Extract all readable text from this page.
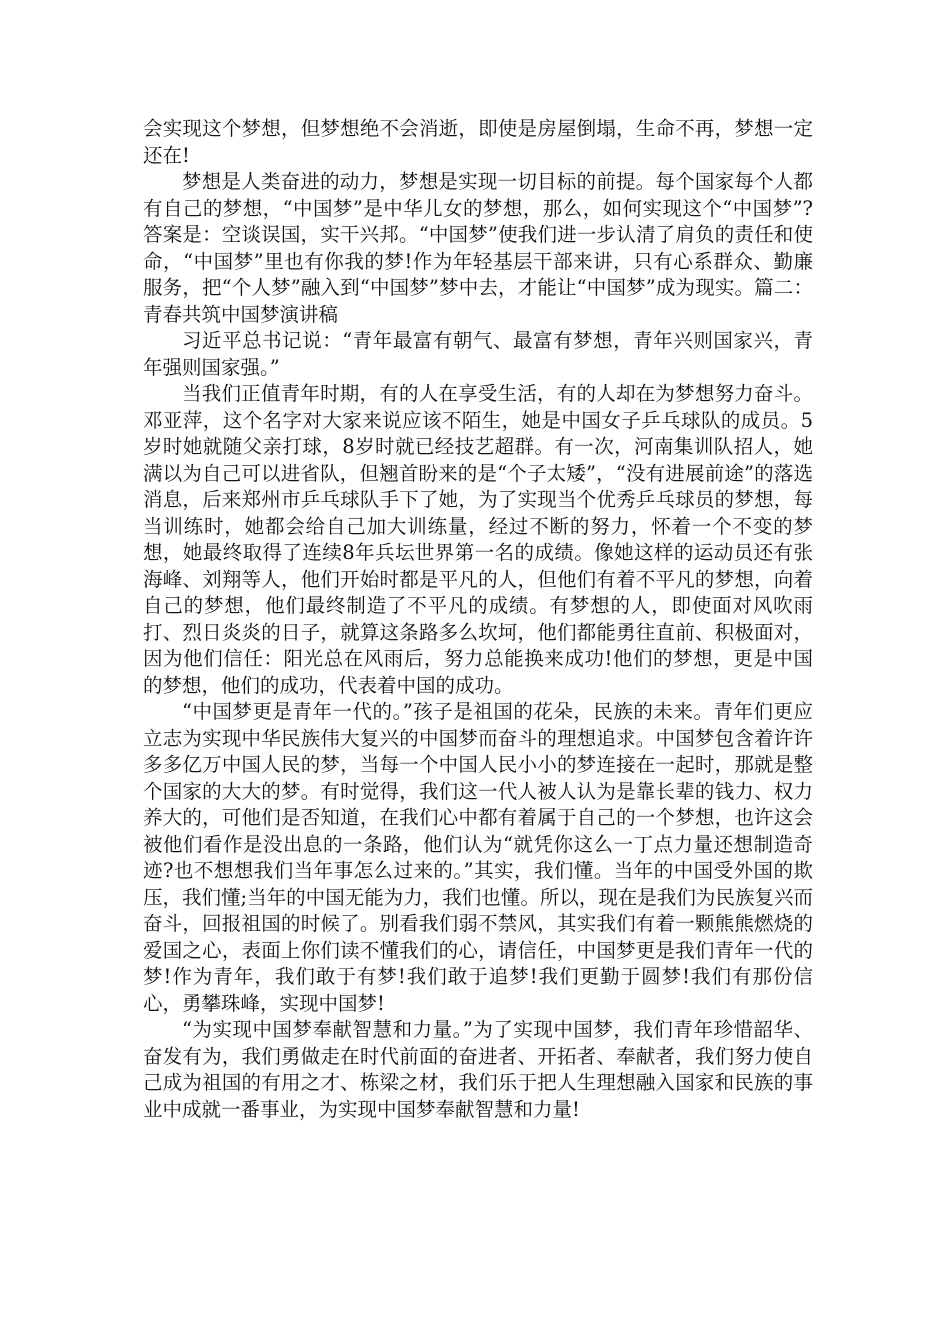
会实现这个梦想，但梦想绝不会消逝，即使是房屋倒塌，生命不再，梦想一定还在!

梦想是人类奋进的动力，梦想是实现一切目标的前提。每个国家每个人都有自己的梦想，“中国梦”是中华儿女的梦想，那么，如何实现这个“中国梦”?答案是：空谈误国，实干兴邦。“中国梦”使我们进一步认清了肩负的责任和使命，“中国梦”里也有你我的梦!作为年轻基层干部来讲，只有心系群众、勤廉服务，把“个人梦”融入到“中国梦”梦中去，才能让“中国梦”成为现实。篇二：青春共筑中国梦演讲稿

习近平总书记说：“青年最富有朝气、最富有梦想，青年兴则国家兴，青年强则国家强。”

当我们正值青年时期，有的人在享受生活，有的人却在为梦想努力奋斗。邓亚萍，这个名字对大家来说应该不陌生，她是中国女子乒乓球队的成员。5岁时她就随父亲打球，8岁时就已经技艺超群。有一次，河南集训队招人，她满以为自己可以进省队，但翘首盼来的是“个子太矮”，“没有进展前途”的落选消息，后来郑州市乒乓球队手下了她，为了实现当个优秀乒乓球员的梦想，每当训练时，她都会给自己加大训练量，经过不断的努力，怀着一个不变的梦想，她最终取得了连续8年兵坛世界第一名的成绩。像她这样的运动员还有张海峰、刘翔等人，他们开始时都是平凡的人，但他们有着不平凡的梦想，向着自己的梦想，他们最终制造了不平凡的成绩。有梦想的人，即使面对风吹雨打、烈日炎炎的日子，就算这条路多么坎坷，他们都能勇往直前、积极面对，因为他们信任：阳光总在风雨后，努力总能换来成功!他们的梦想，更是中国的梦想，他们的成功，代表着中国的成功。

“中国梦更是青年一代的。”孩子是祖国的花朵，民族的未来。青年们更应立志为实现中华民族伟大复兴的中国梦而奋斗的理想追求。中国梦包含着许许多多亿万中国人民的梦，当每一个中国人民小小的梦连接在一起时，那就是整个国家的大大的梦。有时觉得，我们这一代人被人认为是靠长辈的钱力、权力养大的，可他们是否知道，在我们心中都有着属于自己的一个梦想，也许这会被他们看作是没出息的一条路，他们认为“就凭你这么一丁点力量还想制造奇迹?也不想想我们当年事怎么过来的。”其实，我们懂。当年的中国受外国的欺压，我们懂;当年的中国无能为力，我们也懂。所以，现在是我们为民族复兴而奋斗，回报祖国的时候了。别看我们弱不禁风，其实我们有着一颗熊熊燃烧的爱国之心，表面上你们读不懂我们的心，请信任，中国梦更是我们青年一代的梦!作为青年，我们敢于有梦!我们敢于追梦!我们更勤于圆梦!我们有那份信心，勇攀珠峰，实现中国梦!

“为实现中国梦奉献智慧和力量。”为了实现中国梦，我们青年珍惜韶华、奋发有为，我们勇做走在时代前面的奋进者、开拓者、奉献者，我们努力使自己成为祖国的有用之才、栋梁之材，我们乐于把人生理想融入国家和民族的事业中成就一番事业，为实现中国梦奉献智慧和力量!
